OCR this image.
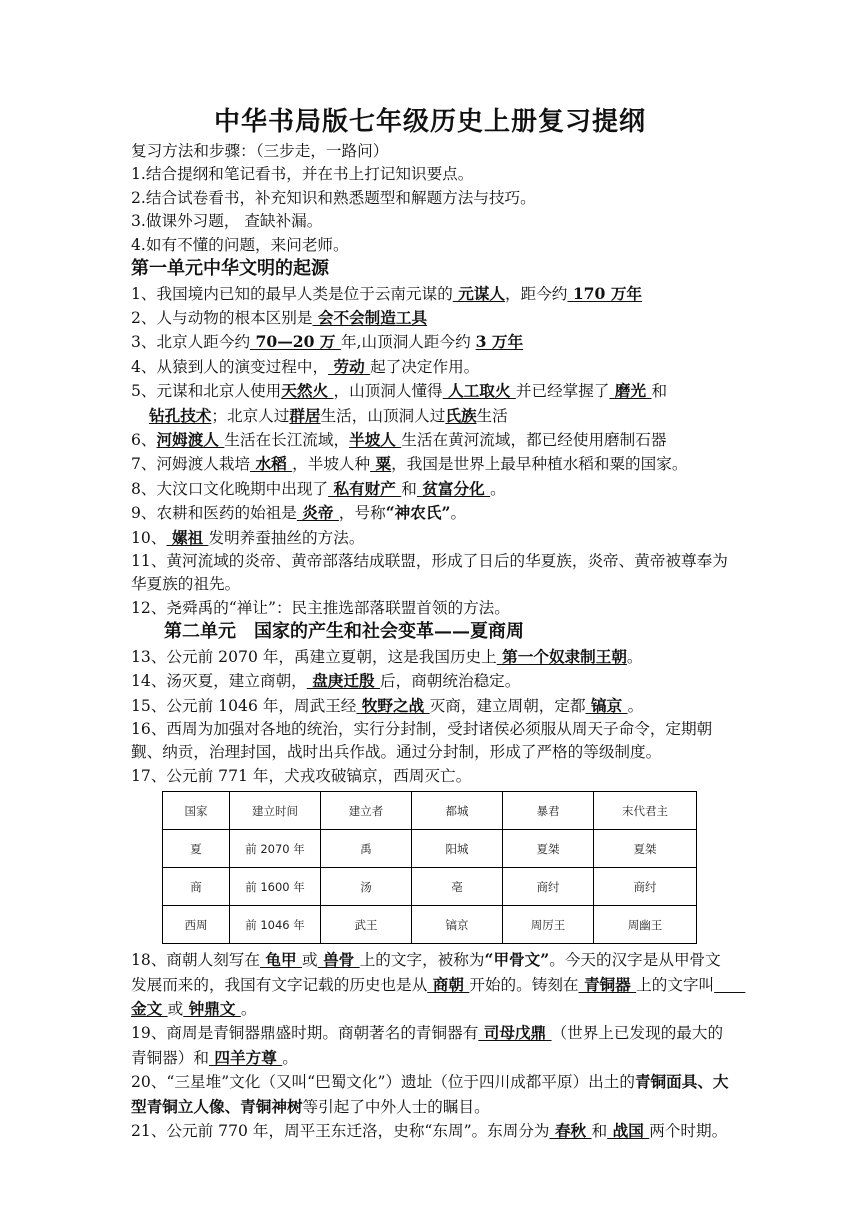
中华书局版七年级历史上册复习提纲
复习方法和步骤：（三步走，一路问）
1.结合提纲和笔记看书，并在书上打记知识要点。
2.结合试卷看书，补充知识和熟悉题型和解题方法与技巧。
3.做课外习题， 查缺补漏。
4.如有不懂的问题，来问老师。
第一单元中华文明的起源
1、我国境内已知的最早人类是位于云南元谋的 元谋人，距今约 170 万年
2、人与动物的根本区别是 会不会制造工具
3、北京人距今约 70—20 万 年,山顶洞人距今约 3 万年
4、从猿到人的演变过程中， 劳动 起了决定作用。
5、元谋和北京人使用天然火 ，山顶洞人懂得 人工取火 并已经掌握了 磨光 和
钻孔技术；北京人过群居生活，山顶洞人过氏族生活
6、河姆渡人 生活在长江流域，半坡人 生活在黄河流域，都已经使用磨制石器
7、河姆渡人栽培 水稻 ，半坡人种 粟，我国是世界上最早种植水稻和粟的国家。
8、大汶口文化晚期中出现了 私有财产 和 贫富分化 。
9、农耕和医药的始祖是 炎帝 ，号称“神农氏”。
10、 嫘祖 发明养蚕抽丝的方法。
11、黄河流域的炎帝、黄帝部落结成联盟，形成了日后的华夏族，炎帝、黄帝被尊奉为华夏族的祖先。
12、尧舜禹的“禅让”：民主推选部落联盟首领的方法。
第二单元　国家的产生和社会变革——夏商周
13、公元前 2070 年，禹建立夏朝，这是我国历史上 第一个奴隶制王朝。
14、汤灭夏，建立商朝， 盘庚迁殷 后，商朝统治稳定。
15、公元前 1046 年，周武王经 牧野之战 灭商，建立周朝，定都 镐京 。
16、西周为加强对各地的统治，实行分封制，受封诸侯必须服从周天子命令，定期朝觐、纳贡，治理封国，战时出兵作战。通过分封制，形成了严格的等级制度。
17、公元前 771 年，犬戎攻破镐京，西周灭亡。
国家	建立时间	建立者	都城	暴君	末代君主
夏	前 2070 年	禹	阳城	夏桀	夏桀
商	前 1600 年	汤	亳	商纣	商纣
西周	前 1046 年	武王	镐京	周厉王	周幽王
18、商朝人刻写在 龟甲 或 兽骨 上的文字，被称为“甲骨文”。今天的汉字是从甲骨文发展而来的，我国有文字记载的历史也是从 商朝 开始的。铸刻在 青铜器 上的文字叫　　金文 或 钟鼎文 。
19、商周是青铜器鼎盛时期。商朝著名的青铜器有 司母戊鼎 （世界上已发现的最大的青铜器）和 四羊方尊 。
20、“三星堆”文化（又叫“巴蜀文化”）遗址（位于四川成都平原）出土的青铜面具、大型青铜立人像、青铜神树等引起了中外人士的瞩目。
21、公元前 770 年，周平王东迁洛，史称“东周”。东周分为 春秋 和 战国 两个时期。
